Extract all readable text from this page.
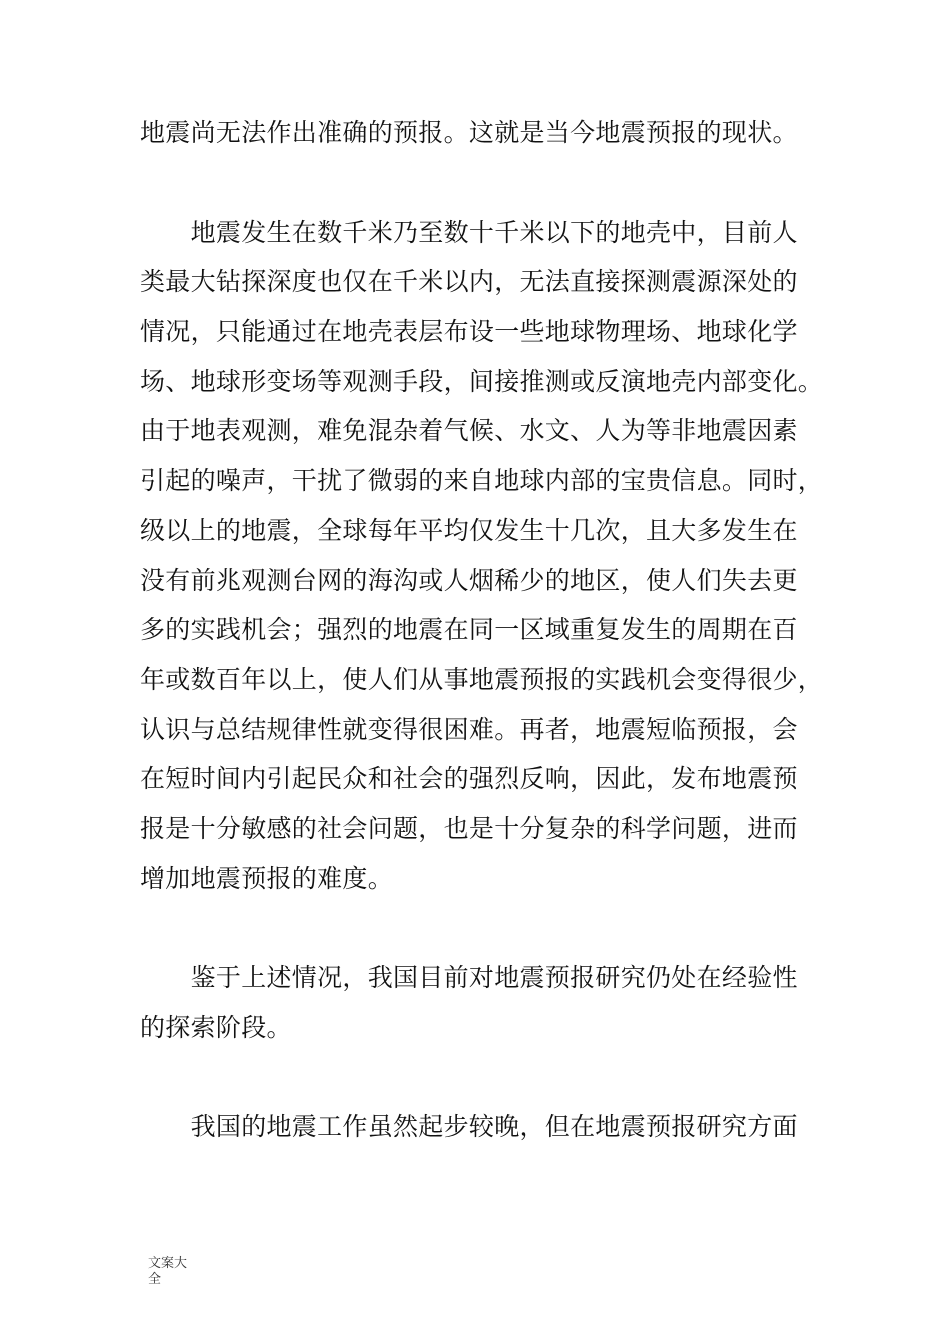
地震尚无法作出准确的预报。这就是当今地震预报的现状。
　　地震发生在数千米乃至数十千米以下的地壳中，目前人
类最大钻探深度也仅在千米以内，无法直接探测震源深处的
情况，只能通过在地壳表层布设一些地球物理场、地球化学
场、地球形变场等观测手段，间接推测或反演地壳内部变化。
由于地表观测，难免混杂着气候、水文、人为等非地震因素
引起的噪声，干扰了微弱的来自地球内部的宝贵信息。同时，
级以上的地震，全球每年平均仅发生十几次，且大多发生在
没有前兆观测台网的海沟或人烟稀少的地区，使人们失去更
多的实践机会；强烈的地震在同一区域重复发生的周期在百
年或数百年以上，使人们从事地震预报的实践机会变得很少，
认识与总结规律性就变得很困难。再者，地震短临预报，会
在短时间内引起民众和社会的强烈反响，因此，发布地震预
报是十分敏感的社会问题，也是十分复杂的科学问题，进而
增加地震预报的难度。
　　鉴于上述情况，我国目前对地震预报研究仍处在经验性
的探索阶段。
　　我国的地震工作虽然起步较晚，但在地震预报研究方面
文案大
全
